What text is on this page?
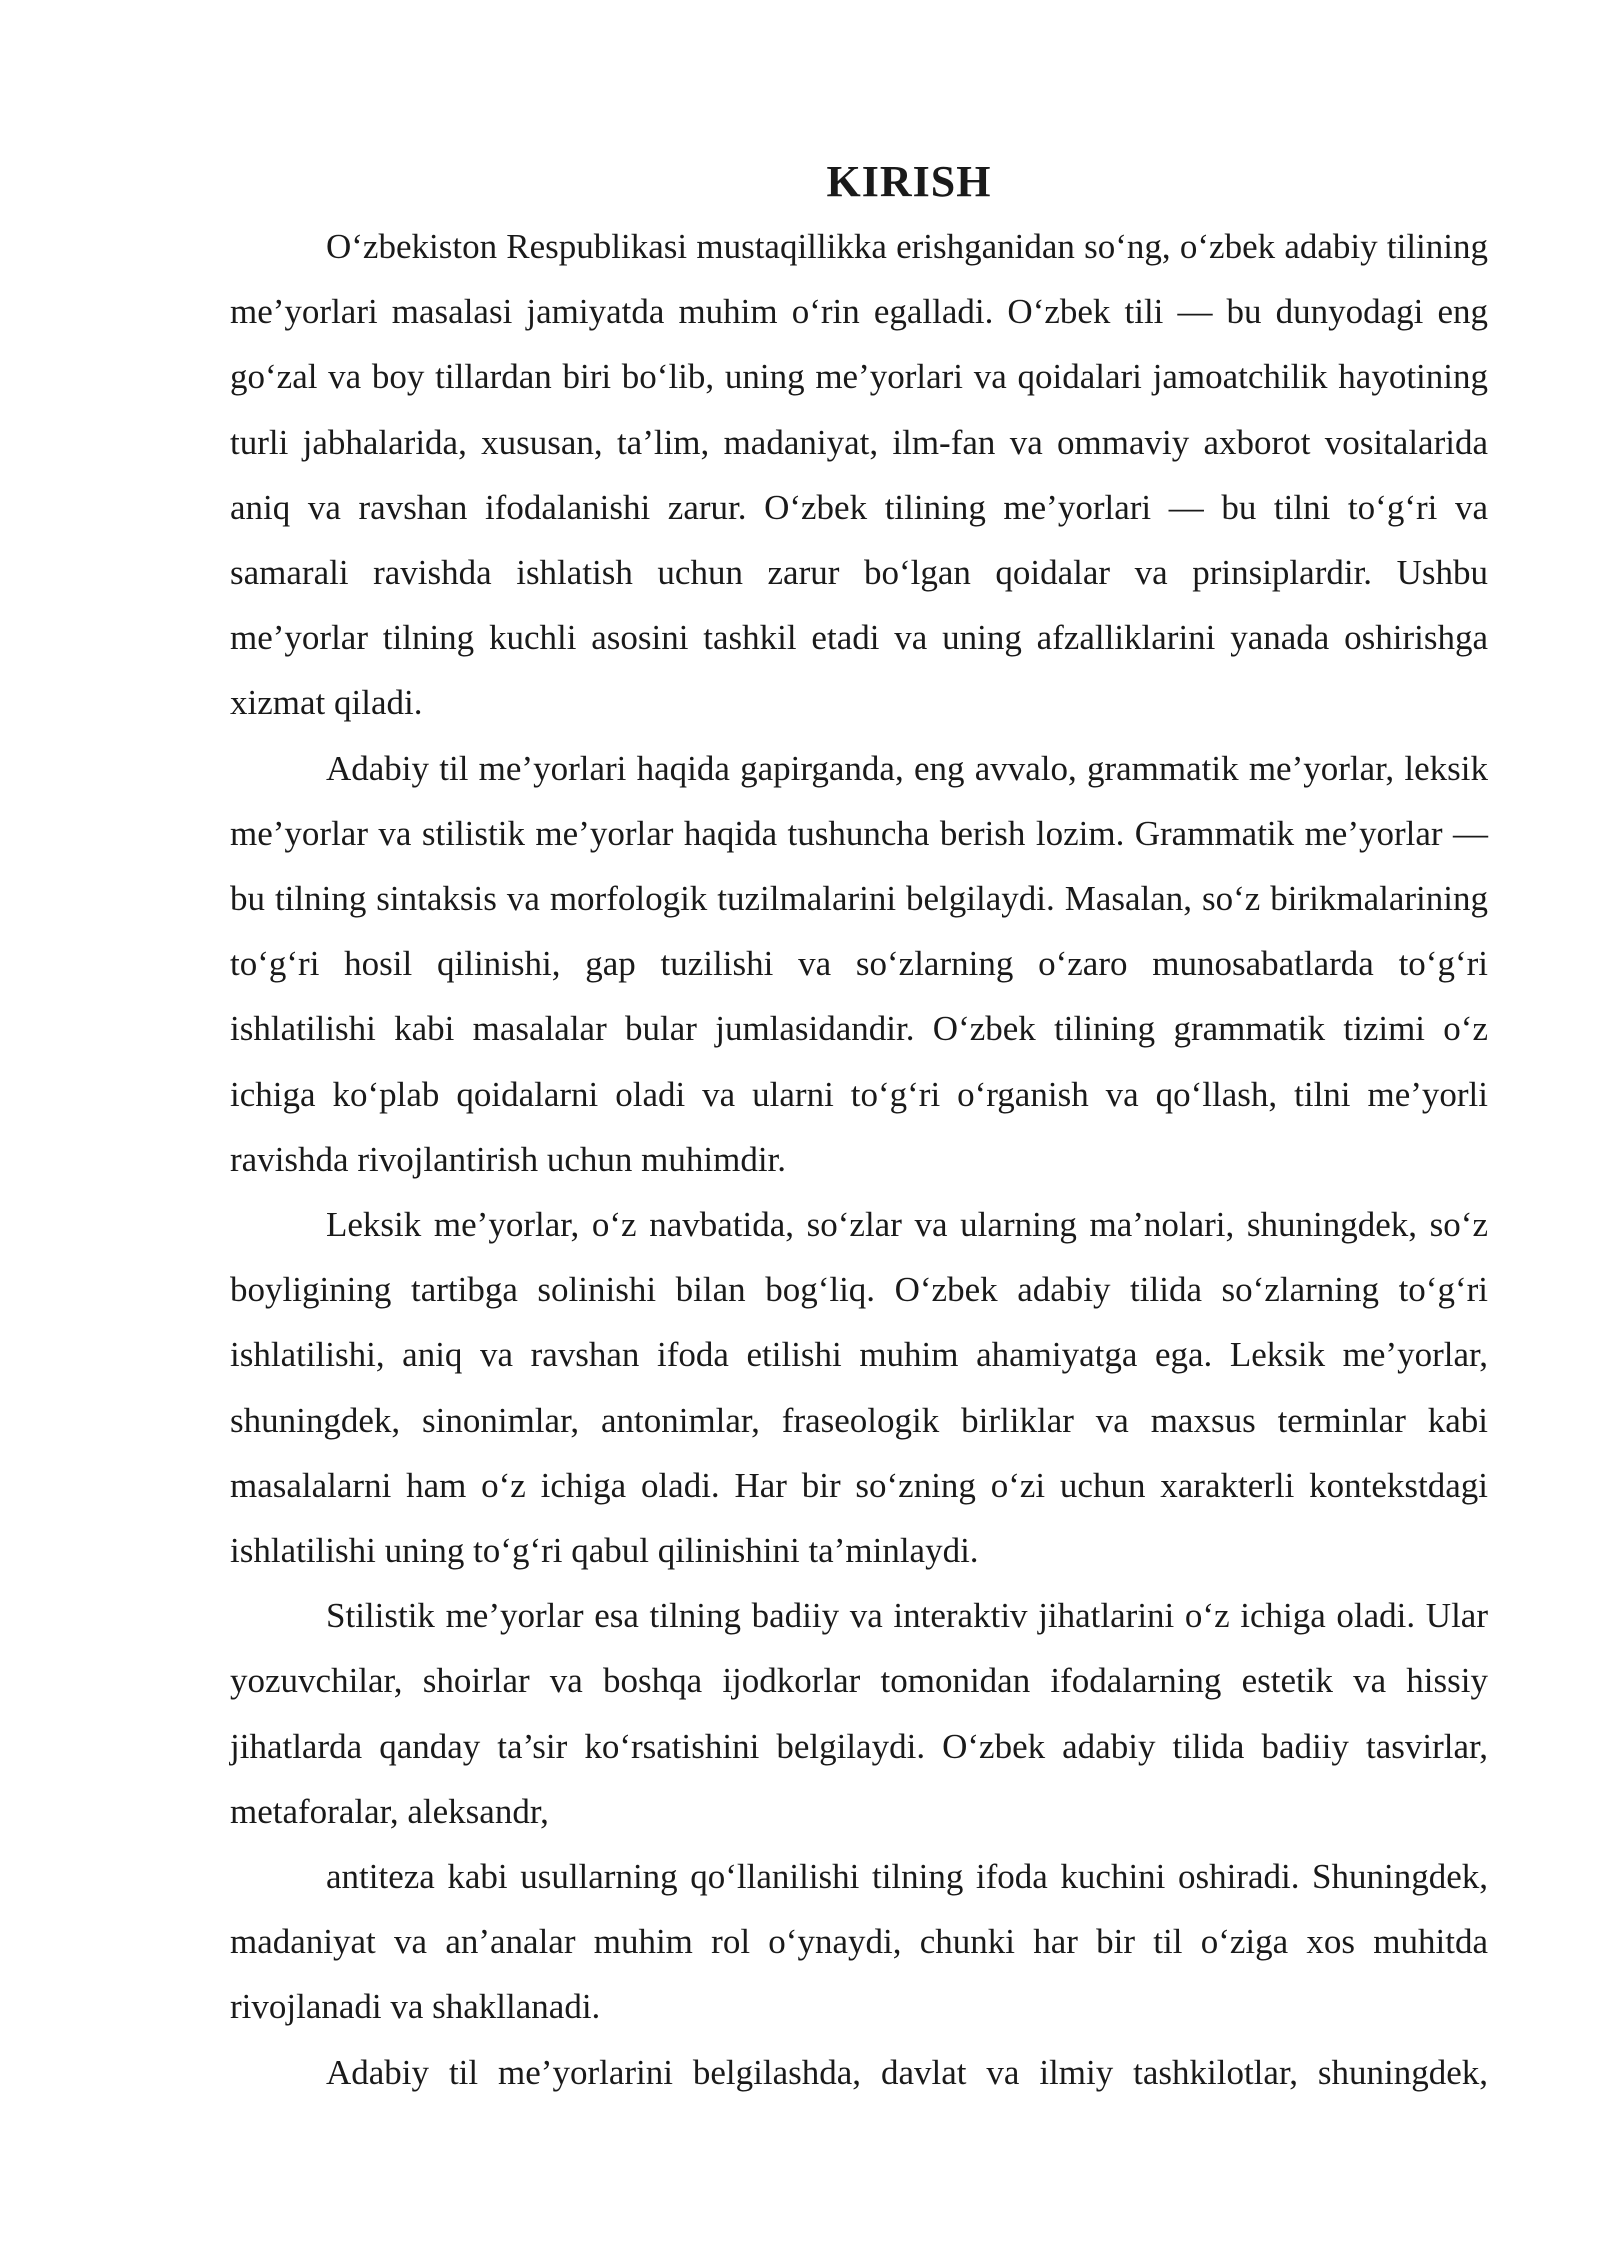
KIRISH

O‘zbekiston Respublikasi mustaqillikka erishganidan so‘ng, o‘zbek adabiy tilining me’yorlari masalasi jamiyatda muhim o‘rin egalladi. O‘zbek tili — bu dunyodagi eng go‘zal va boy tillardan biri bo‘lib, uning me’yorlari va qoidalari jamoatchilik hayotining turli jabhalarida, xususan, ta’lim, madaniyat, ilm-fan va ommaviy axborot vositalarida aniq va ravshan ifodalanishi zarur. O‘zbek tilining me’yorlari — bu tilni to‘g‘ri va samarali ravishda ishlatish uchun zarur bo‘lgan qoidalar va prinsiplardir. Ushbu me’yorlar tilning kuchli asosini tashkil etadi va uning afzalliklarini yanada oshirishga xizmat qiladi.

Adabiy til me’yorlari haqida gapirganda, eng avvalo, grammatik me’yorlar, leksik me’yorlar va stilistik me’yorlar haqida tushuncha berish lozim. Grammatik me’yorlar — bu tilning sintaksis va morfologik tuzilmalarini belgilaydi. Masalan, so‘z birikmalarining to‘g‘ri hosil qilinishi, gap tuzilishi va so‘zlarning o‘zaro munosabatlarda to‘g‘ri ishlatilishi kabi masalalar bular jumlasidandir. O‘zbek tilining grammatik tizimi o‘z ichiga ko‘plab qoidalarni oladi va ularni to‘g‘ri o‘rganish va qo‘llash, tilni me’yorli ravishda rivojlantirish uchun muhimdir.

Leksik me’yorlar, o‘z navbatida, so‘zlar va ularning ma’nolari, shuningdek, so‘z boyligining tartibga solinishi bilan bog‘liq. O‘zbek adabiy tilida so‘zlarning to‘g‘ri ishlatilishi, aniq va ravshan ifoda etilishi muhim ahamiyatga ega. Leksik me’yorlar, shuningdek, sinonimlar, antonimlar, fraseologik birliklar va maxsus terminlar kabi masalalarni ham o‘z ichiga oladi. Har bir so‘zning o‘zi uchun xarakterli kontekstdagi ishlatilishi uning to‘g‘ri qabul qilinishini ta’minlaydi.

Stilistik me’yorlar esa tilning badiiy va interaktiv jihatlarini o‘z ichiga oladi. Ular yozuvchilar, shoirlar va boshqa ijodkorlar tomonidan ifodalarning estetik va hissiy jihatlarda qanday ta’sir ko‘rsatishini belgilaydi. O‘zbek adabiy tilida badiiy tasvirlar, metaforalar, aleksandr,

antiteza kabi usullarning qo‘llanilishi tilning ifoda kuchini oshiradi. Shuningdek, madaniyat va an’analar muhim rol o‘ynaydi, chunki har bir til o‘ziga xos muhitda rivojlanadi va shakllanadi.

Adabiy til me’yorlarini belgilashda, davlat va ilmiy tashkilotlar, shuningdek,
